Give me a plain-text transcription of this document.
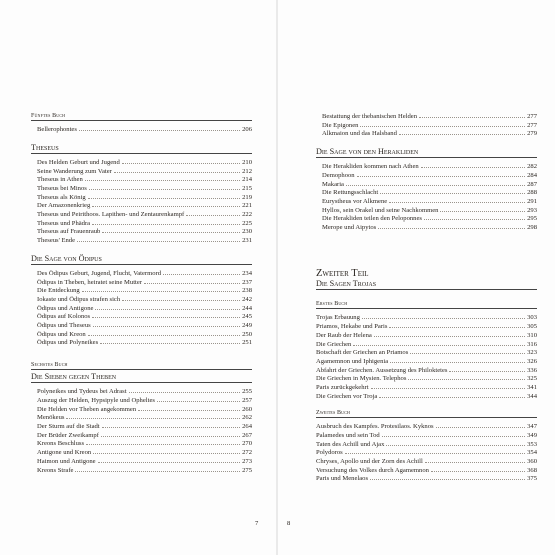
Fünftes Buch
Bellerophontes	206
Theseus
Des Helden Geburt und Jugend	210
Seine Wanderung zum Vater	212
Theseus in Athen	214
Theseus bei Minos	215
Theseus als König	219
Der Amazonenkrieg	221
Theseus und Peirithoos. Lapithen- und Zentaurenkampf	222
Theseus und Phädra	225
Theseus auf Frauenraub	230
Theseus' Ende	231
Die Sage von Ödipus
Des Ödipus Geburt, Jugend, Flucht, Vatermord	234
Ödipus in Theben, heiratet seine Mutter	237
Die Entdeckung	238
Iokaste und Ödipus strafen sich	242
Ödipus und Antigone	244
Ödipus auf Kolonos	245
Ödipus und Theseus	249
Ödipus und Kreon	250
Ödipus und Polyneikes	251
Sechstes Buch
Die Sieben gegen Theben
Polyneikes und Tydeus bei Adrast	255
Auszug der Helden, Hypsipyle und Opheltes	257
Die Helden vor Theben angekommen	260
Menökeus	262
Der Sturm auf die Stadt	264
Der Brüder Zweikampf	267
Kreons Beschluss	270
Antigone und Kreon	272
Haimon und Antigone	273
Kreons Strafe	275
7
Bestattung der thebanischen Helden	277
Die Epigonen	277
Alkmaion und das Halsband	279
Die Sage von den Herakliden
Die Herakliden kommen nach Athen	282
Demophoon	284
Makaria	287
Die Rettungsschlacht	288
Eurystheus vor Alkmene	291
Hyllos, sein Orakel und seine Nachkommen	293
Die Herakliden teilen den Peloponnes	295
Merope und Aipytos	298
Zweiter Teil
Die Sagen Trojas
Erstes Buch
Trojas Erbauung	303
Priamos, Hekabe und Paris	305
Der Raub der Helena	310
Die Griechen	316
Botschaft der Griechen an Priamos	323
Agamemnon und Iphigenia	326
Abfahrt der Griechen. Aussetzung des Philoktetes	336
Die Griechen in Mysien. Telephos	325
Paris zurückgekehrt	341
Die Griechen vor Troja	344
Zweites Buch
Ausbruch des Kampfes. Protesilaos. Kyknos	347
Palamedes und sein Tod	349
Taten des Achill und Ajax	353
Polydoros	354
Chryses, Apollo und der Zorn des Achill	360
Versuchung des Volkes durch Agamemnon	368
Paris und Menelaos	375
8
